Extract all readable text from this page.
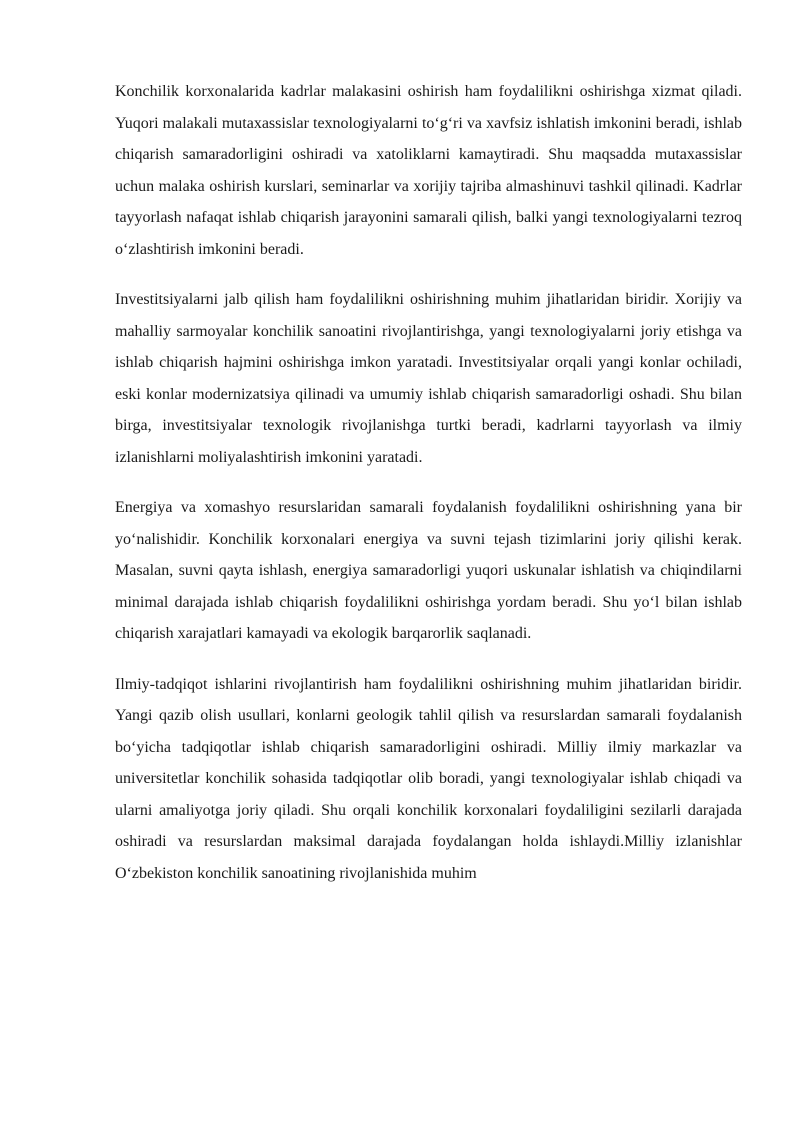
Konchilik korxonalarida kadrlar malakasini oshirish ham foydalilikni oshirishga xizmat qiladi. Yuqori malakali mutaxassislar texnologiyalarni to‘g‘ri va xavfsiz ishlatish imkonini beradi, ishlab chiqarish samaradorligini oshiradi va xatoliklarni kamaytiradi. Shu maqsadda mutaxassislar uchun malaka oshirish kurslari, seminarlar va xorijiy tajriba almashinuvi tashkil qilinadi. Kadrlar tayyorlash nafaqat ishlab chiqarish jarayonini samarali qilish, balki yangi texnologiyalarni tezroq o‘zlashtirish imkonini beradi.

Investitsiyalarni jalb qilish ham foydalilikni oshirishning muhim jihatlaridan biridir. Xorijiy va mahalliy sarmoyalar konchilik sanoatini rivojlantirishga, yangi texnologiyalarni joriy etishga va ishlab chiqarish hajmini oshirishga imkon yaratadi. Investitsiyalar orqali yangi konlar ochiladi, eski konlar modernizatsiya qilinadi va umumiy ishlab chiqarish samaradorligi oshadi. Shu bilan birga, investitsiyalar texnologik rivojlanishga turtki beradi, kadrlarni tayyorlash va ilmiy izlanishlarni moliyalashtirish imkonini yaratadi.

Energiya va xomashyo resurslaridan samarali foydalanish foydalilikni oshirishning yana bir yo‘nalishidir. Konchilik korxonalari energiya va suvni tejash tizimlarini joriy qilishi kerak. Masalan, suvni qayta ishlash, energiya samaradorligi yuqori uskunalar ishlatish va chiqindilarni minimal darajada ishlab chiqarish foydalilikni oshirishga yordam beradi. Shu yo‘l bilan ishlab chiqarish xarajatlari kamayadi va ekologik barqarorlik saqlanadi.

Ilmiy-tadqiqot ishlarini rivojlantirish ham foydalilikni oshirishning muhim jihatlaridan biridir. Yangi qazib olish usullari, konlarni geologik tahlil qilish va resurslardan samarali foydalanish bo‘yicha tadqiqotlar ishlab chiqarish samaradorligini oshiradi. Milliy ilmiy markazlar va universitetlar konchilik sohasida tadqiqotlar olib boradi, yangi texnologiyalar ishlab chiqadi va ularni amaliyotga joriy qiladi. Shu orqali konchilik korxonalari foydaliligini sezilarli darajada oshiradi va resurslardan maksimal darajada foydalangan holda ishlaydi.Milliy izlanishlar O‘zbekiston konchilik sanoatining rivojlanishida muhim
